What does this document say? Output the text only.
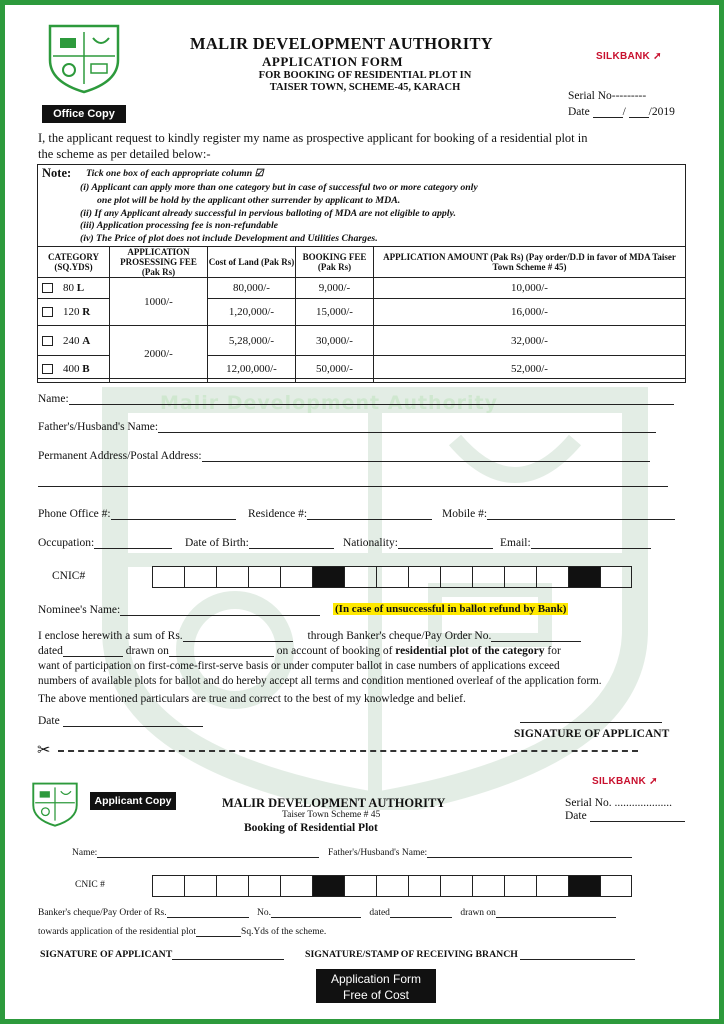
Malir Development Authority
MALIR DEVELOPMENT AUTHORITY
APPLICATION FORM
FOR BOOKING OF RESIDENTIAL PLOT IN
TAISER TOWN, SCHEME-45, KARACH
SILKBANK ➚
Office Copy
Serial No---------
Date	/ /2019
I, the applicant request to kindly register my name as prospective applicant for booking of a residential plot in
the scheme as per detailed below:-
Note: Tick one box of each appropriate column ☑
(i) Applicant can apply more than one category but in case of successful two or more category only
one plot will be hold by the applicant other surrender by applicant to MDA.
(ii) If any Applicant already successful in pervious balloting of MDA are not eligible to apply.
(iii) Application processing fee is non-refundable
(iv) The Price of plot does not include Development and Utilities Charges.
CATEGORY (SQ.YDS)	APPLICATION PROSESSING FEE (Pak Rs)	Cost of Land (Pak Rs)	BOOKING FEE (Pak Rs)	APPLICATION AMOUNT (Pak Rs) (Pay order/D.D in favor of MDA Taiser Town Scheme # 45)
80 L	1000/-	80,000/-	9,000/-	10,000/-
120 R		1,20,000/-	15,000/-	16,000/-
240 A	2000/-	5,28,000/-	30,000/-	32,000/-
400 B		12,00,000/-	50,000/-	52,000/-
Name:
Father's/Husband's Name:
Permanent Address/Postal Address:
Phone Office #:	Residence #:	Mobile #:
Occupation:	Date of Birth:	Nationality:	Email:
CNIC#
Nominee's Name:	(In case of unsuccessful in ballot refund by Bank)
I enclose herewith a sum of Rs.	through Banker's cheque/Pay Order No.
dated	drawn on	on account of booking of residential plot of the category for
want of participation on first-come-first-serve basis or under computer ballot in case numbers of applications exceed
numbers of available plots for ballot and do hereby accept all terms and condition mentioned overleaf of the application form.
The above mentioned particulars are true and correct to the best of my knowledge and belief.
Date
SIGNATURE OF APPLICANT
✂
SILKBANK ➚
Applicant Copy	MALIR DEVELOPMENT AUTHORITY
Taiser Town Scheme # 45
Booking of Residential Plot
Serial No. ....................
Date
Name:	Father's/Husband's Name:
CNIC #
Banker's cheque/Pay Order of Rs.	No.	dated	drawn on
towards application of the residential plot	Sq.Yds of the scheme.
SIGNATURE OF APPLICANT	SIGNATURE/STAMP OF RECEIVING BRANCH
Application Form
Free of Cost
